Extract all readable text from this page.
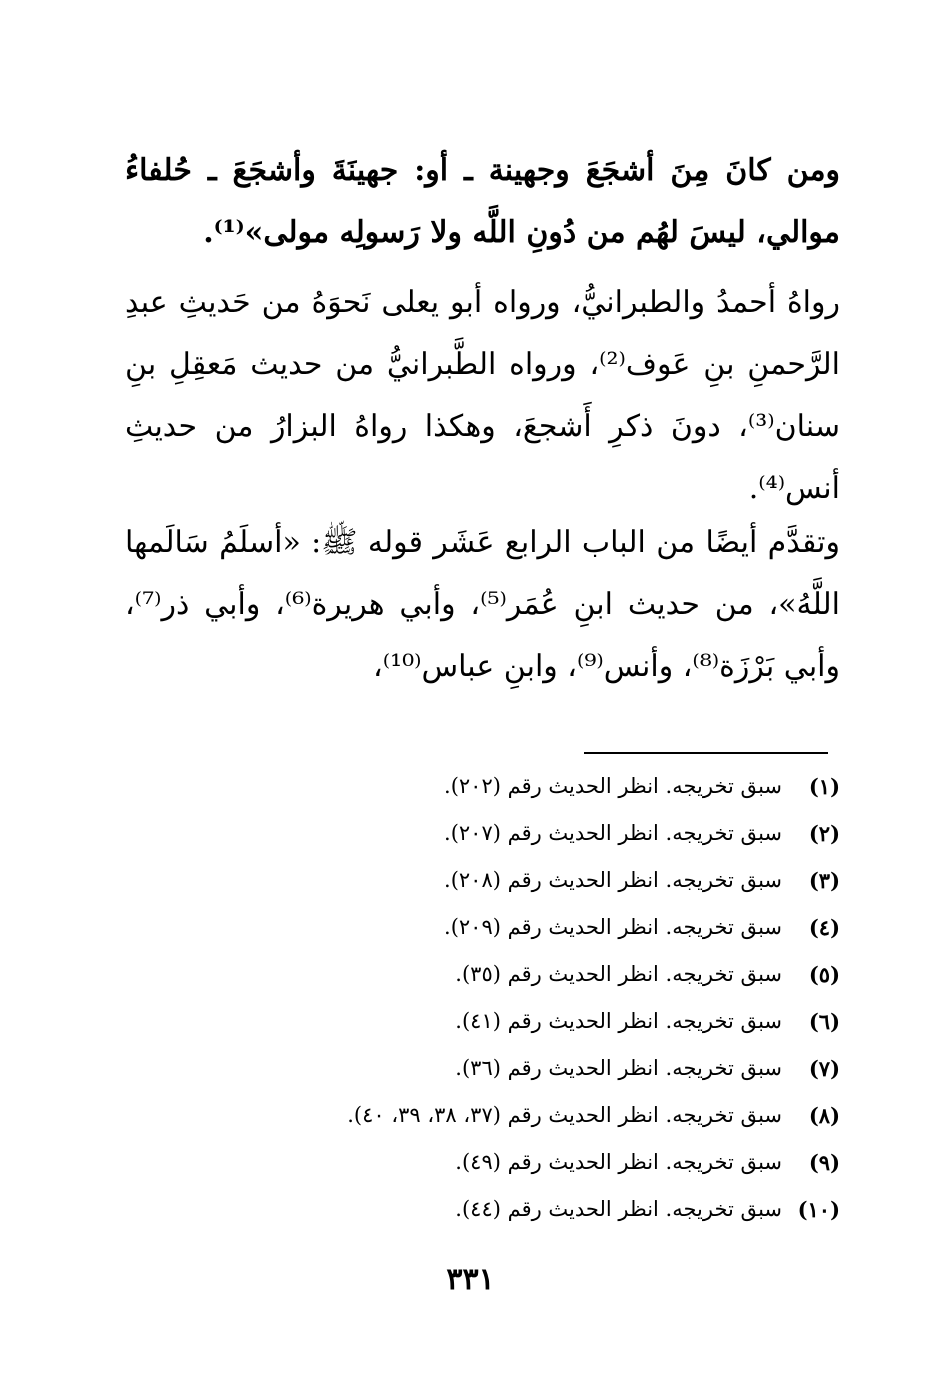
ومن كانَ مِنَ أشجَعَ وجهينة ـ أو: جهينَةَ وأشجَعَ ـ حُلفاءُ موالي، ليسَ لهُم من دُونِ اللَّه ولا رَسولِه مولى»⁽¹⁾.

رواهُ أحمدُ والطبرانيُّ، ورواه أبو يعلى نَحوَهُ من حَديثِ عبدِ الرَّحمنِ بنِ عَوف⁽²⁾، ورواه الطَّبرانيُّ من حديث مَعقِلِ بنِ سنان⁽³⁾، دونَ ذكرِ أَشجعَ، وهكذا رواهُ البزارُ من حديثِ أنس⁽⁴⁾.

وتقدَّم أيضًا من الباب الرابع عَشَر قوله ﷺ: «أسلَمُ سَالَمها اللَّهُ»، من حديث ابنِ عُمَر⁽⁵⁾، وأبي هريرة⁽⁶⁾، وأبي ذر⁽⁷⁾، وأبي بَرْزَة⁽⁸⁾، وأنس⁽⁹⁾، وابنِ عباس⁽¹⁰⁾،

(١)
سبق تخريجه. انظر الحديث رقم (٢٠٢).
(٢)
سبق تخريجه. انظر الحديث رقم (٢٠٧).
(٣)
سبق تخريجه. انظر الحديث رقم (٢٠٨).
(٤)
سبق تخريجه. انظر الحديث رقم (٢٠٩).
(٥)
سبق تخريجه. انظر الحديث رقم (٣٥).
(٦)
سبق تخريجه. انظر الحديث رقم (٤١).
(٧)
سبق تخريجه. انظر الحديث رقم (٣٦).
(٨)
سبق تخريجه. انظر الحديث رقم (٣٧، ٣٨، ٣٩، ٤٠).
(٩)
سبق تخريجه. انظر الحديث رقم (٤٩).
(١٠)
سبق تخريجه. انظر الحديث رقم (٤٤).
٣٣١
